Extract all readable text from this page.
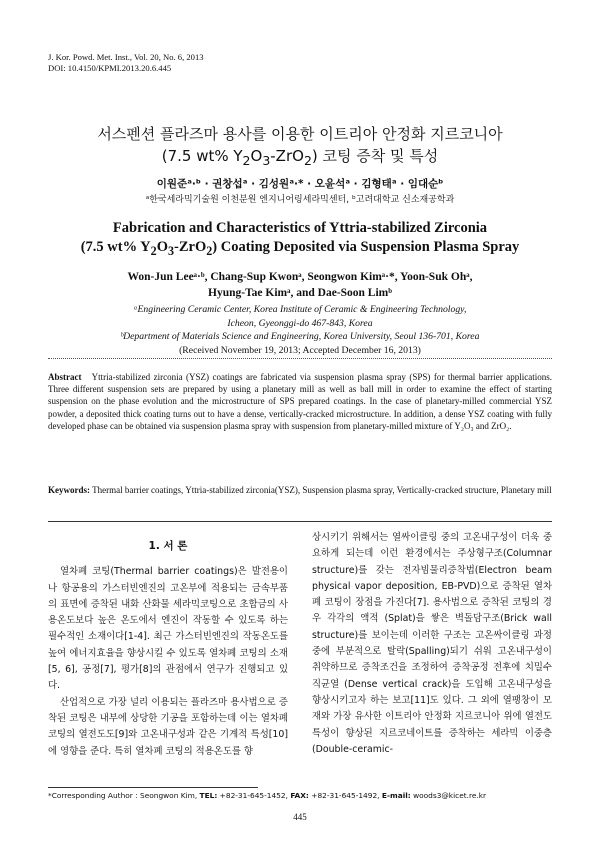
J. Kor. Powd. Met. Inst., Vol. 20, No. 6, 2013
DOI: 10.4150/KPMI.2013.20.6.445
서스펜션 플라즈마 용사를 이용한 이트리아 안정화 지르코니아
(7.5 wt% $Y_2O_3-ZrO_2$) 코팅 증착 및 특성
이원준ᵃ·ᵇ · 권창섭ᵃ · 김성원ᵃ·* · 오윤석ᵃ · 김형태ᵃ · 임대순ᵇ
ᵃ한국세라믹기술원 이천분원 엔지니어링세라믹센터, ᵇ고려대학교 신소재공학과
Fabrication and Characteristics of Yttria-stabilized Zirconia
(7.5 wt% $Y_2O_3-ZrO_2$) Coating Deposited via Suspension Plasma Spray
Won-Jun Leeᵃ·ᵇ, Chang-Sup Kwonᵃ, Seongwon Kimᵃ·*, Yoon-Suk Ohᵃ,
Hyung-Tae Kimᵃ, and Dae-Soon Limᵇ
ᵃEngineering Ceramic Center, Korea Institute of Ceramic & Engineering Technology,
Icheon, Gyeonggi-do 467-843, Korea
ᵇDepartment of Materials Science and Engineering, Korea University, Seoul 136-701, Korea
(Received November 19, 2013; Accepted December 16, 2013)
Abstract Yttria-stabilized zirconia (YSZ) coatings are fabricated via suspension plasma spray (SPS) for thermal barrier applications. Three different suspension sets are prepared by using a planetary mill as well as ball mill in order to examine the effect of starting suspension on the phase evolution and the microstructure of SPS prepared coatings. In the case of planetary-milled commercial YSZ powder, a deposited thick coating turns out to have a dense, vertically-cracked microstructure. In addition, a dense YSZ coating with fully developed phase can be obtained via suspension plasma spray with suspension from planetary-milled mixture of Y₂O₃ and ZrO₂.
Keywords: Thermal barrier coatings, Yttria-stabilized zirconia(YSZ), Suspension plasma spray, Vertically-cracked structure, Planetary mill
1. 서 론

열차폐 코팅(Thermal barrier coatings)은 발전용이나 항공용의 가스터빈엔진의 고온부에 적용되는 금속부품의 표면에 증착된 내화 산화물 세라믹코팅으로 초합금의 사용온도보다 높은 온도에서 엔진이 작동할 수 있도록 하는 필수적인 소재이다[1-4]. 최근 가스터빈엔진의 작동온도를 높여 에너지효율을 향상시킬 수 있도록 열차폐 코팅의 소재[5, 6], 공정[7], 평가[8]의 관점에서 연구가 진행되고 있다.

산업적으로 가장 널리 이용되는 플라즈마 용사법으로 증착된 코팅은 내부에 상당한 기공을 포함하는데 이는 열차폐 코팅의 열전도도[9]와 고온내구성과 같은 기계적 특성[10]에 영향을 준다. 특히 열차폐 코팅의 적용온도를 향

상시키기 위해서는 열싸이클링 중의 고온내구성이 더욱 중요하게 되는데 이런 환경에서는 주상형구조(Columnar structure)를 갖는 전자빔물리증착법(Electron beam physical vapor deposition, EB-PVD)으로 증착된 열차폐 코팅이 장점을 가진다[7]. 용사법으로 증착된 코팅의 경우 각각의 액적 (Splat)을 쌓은 벽돌담구조(Brick wall structure)를 보이는데 이러한 구조는 고온싸이클링 과정 중에 부분적으로 탈락(Spalling)되기 쉬워 고온내구성이 취약하므로 증착조건을 조정하여 증착공정 전후에 치밀수직균열 (Dense vertical crack)을 도입해 고온내구성을 향상시키고자 하는 보고[11]도 있다. 그 외에 열팽창이 모재와 가장 유사한 이트리아 안정화 지르코니아 위에 열전도특성이 향상된 지르코네이트를 증착하는 세라믹 이중층(Double-ceramic-

*Corresponding Author : Seongwon Kim, TEL: +82-31-645-1452, FAX: +82-31-645-1492, E-mail: woods3@kicet.re.kr
445
